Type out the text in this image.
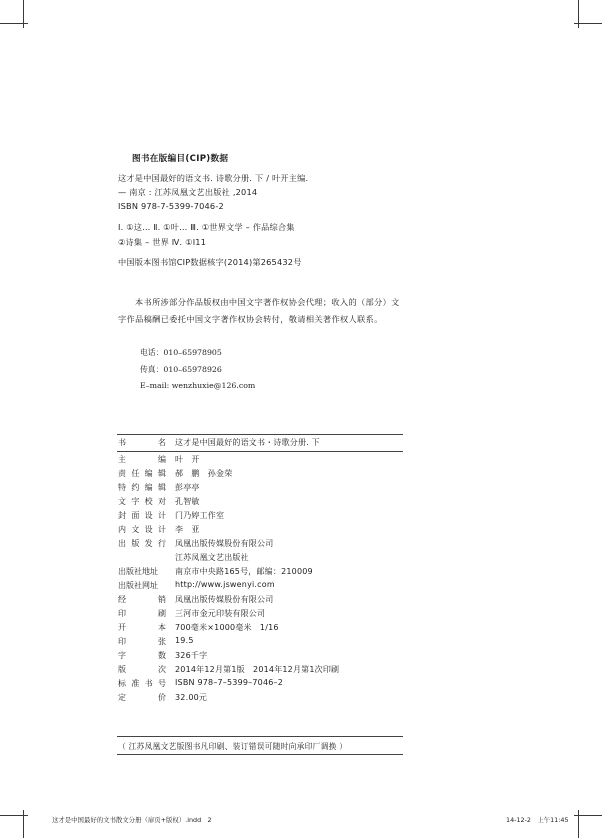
图书在版编目(CIP)数据
这才是中国最好的语文书. 诗歌分册. 下 / 叶开主编.
— 南京 : 江苏凤凰文艺出版社 ,2014
ISBN 978-7-5399-7046-2
Ⅰ. ①这… Ⅱ. ①叶… Ⅲ. ①世界文学 – 作品综合集
②诗集 – 世界 Ⅳ. ①I11
中国版本图书馆CIP数据核字(2014)第265432号
本书所涉部分作品版权由中国文字著作权协会代理；收入的（部分）文字作品稿酬已委托中国文字著作权协会转付，敬请相关著作权人联系。
电话：010–65978905
传真：010–65978926
E–mail: wenzhuxie@126.com
书	名 这才是中国最好的语文书・诗歌分册. 下
主	编 叶　开
责 任 编 辑 郝　鹏　孙金荣
特 约 编 辑 彭亭亭
文 字 校 对 孔智敏
封 面 设 计 门乃婷工作室
内 文 设 计 李　亚
出 版 发 行 凤凰出版传媒股份有限公司
江苏凤凰文艺出版社
出版社地址 南京市中央路165号，邮编：210009
出版社网址 http://www.jswenyi.com
经	销 凤凰出版传媒股份有限公司
印	刷 三河市金元印装有限公司
开	本 700毫米×1000毫米　1/16
印	张 19.5
字	数 326千字
版	次 2014年12月第1版　2014年12月第1次印刷
标 准 书 号 ISBN 978–7–5399–7046–2
定	价 32.00元
（ 江苏凤凰文艺版图书凡印刷、装订错误可随时向承印厂调换 ）
这才是中国最好的文书散文分册（扉页+版权）.indd　2	14-12-2　上午11:45
